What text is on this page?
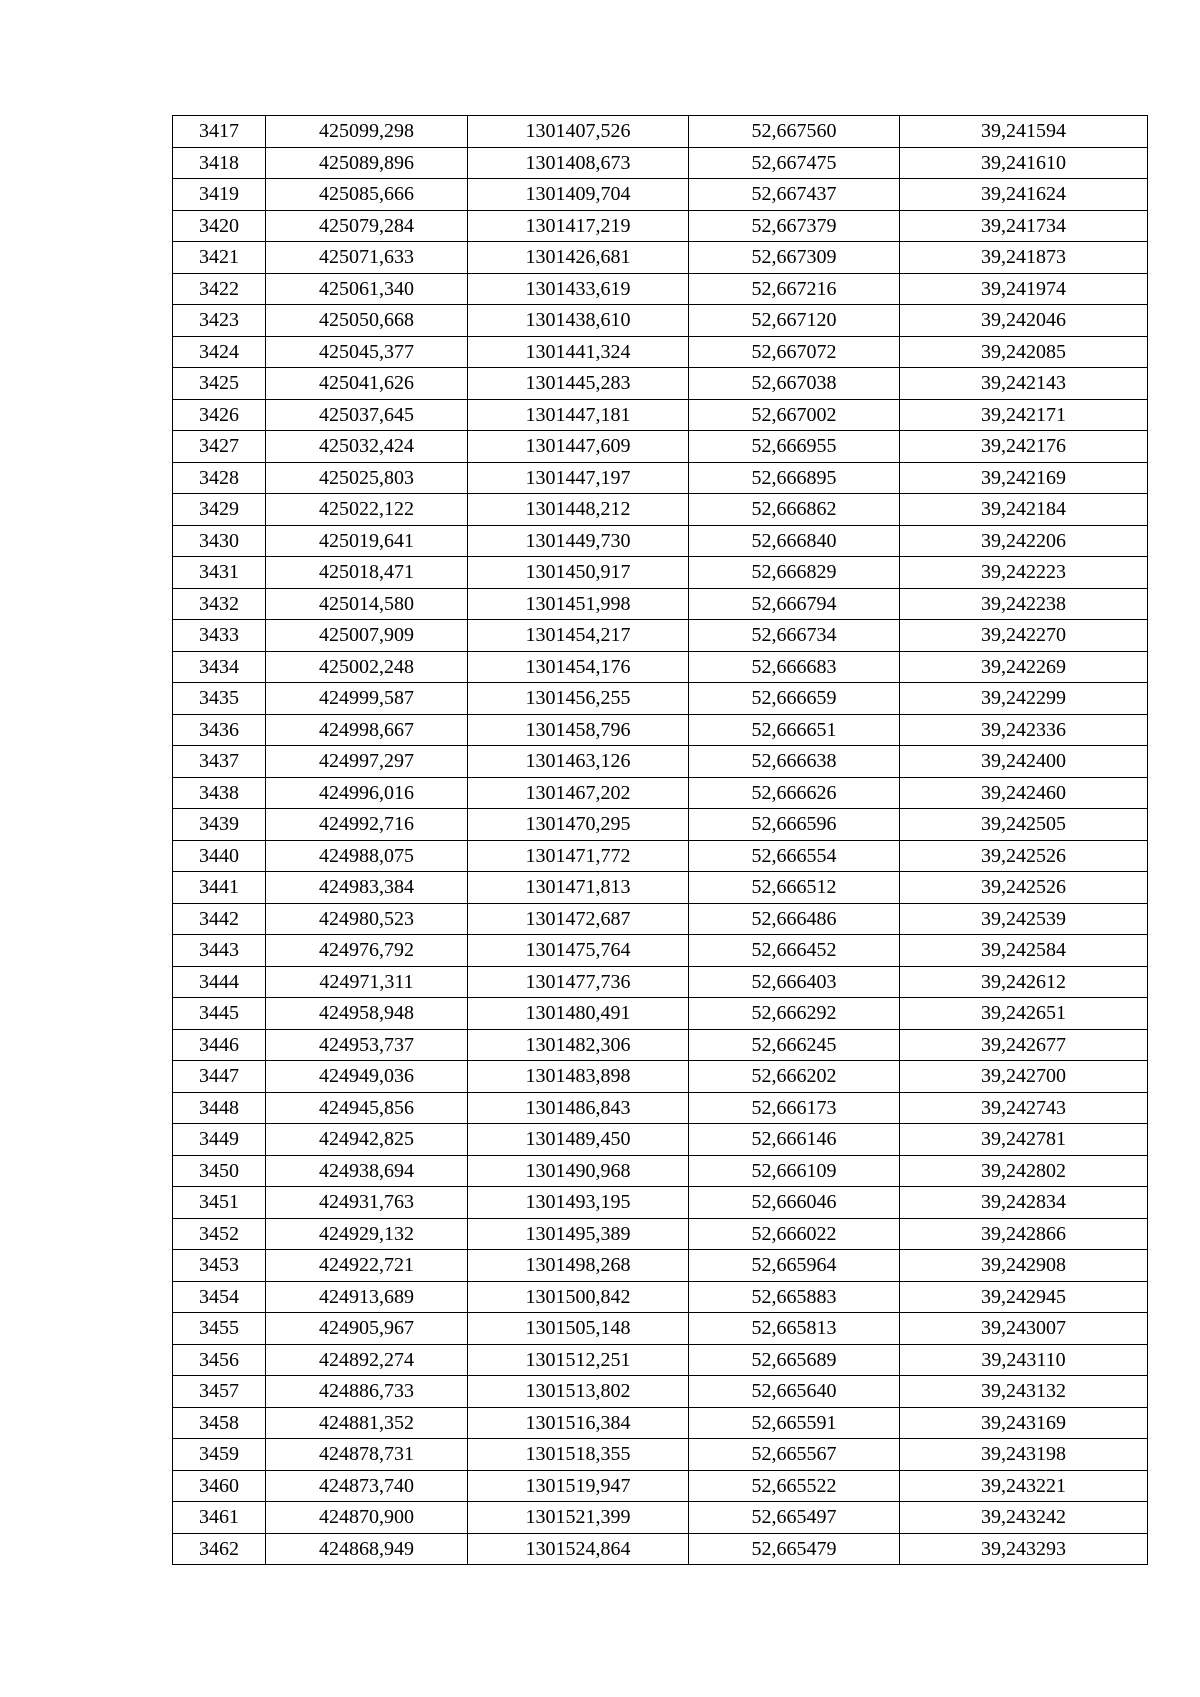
3417	425099,298	1301407,526	52,667560	39,241594
3418	425089,896	1301408,673	52,667475	39,241610
3419	425085,666	1301409,704	52,667437	39,241624
3420	425079,284	1301417,219	52,667379	39,241734
3421	425071,633	1301426,681	52,667309	39,241873
3422	425061,340	1301433,619	52,667216	39,241974
3423	425050,668	1301438,610	52,667120	39,242046
3424	425045,377	1301441,324	52,667072	39,242085
3425	425041,626	1301445,283	52,667038	39,242143
3426	425037,645	1301447,181	52,667002	39,242171
3427	425032,424	1301447,609	52,666955	39,242176
3428	425025,803	1301447,197	52,666895	39,242169
3429	425022,122	1301448,212	52,666862	39,242184
3430	425019,641	1301449,730	52,666840	39,242206
3431	425018,471	1301450,917	52,666829	39,242223
3432	425014,580	1301451,998	52,666794	39,242238
3433	425007,909	1301454,217	52,666734	39,242270
3434	425002,248	1301454,176	52,666683	39,242269
3435	424999,587	1301456,255	52,666659	39,242299
3436	424998,667	1301458,796	52,666651	39,242336
3437	424997,297	1301463,126	52,666638	39,242400
3438	424996,016	1301467,202	52,666626	39,242460
3439	424992,716	1301470,295	52,666596	39,242505
3440	424988,075	1301471,772	52,666554	39,242526
3441	424983,384	1301471,813	52,666512	39,242526
3442	424980,523	1301472,687	52,666486	39,242539
3443	424976,792	1301475,764	52,666452	39,242584
3444	424971,311	1301477,736	52,666403	39,242612
3445	424958,948	1301480,491	52,666292	39,242651
3446	424953,737	1301482,306	52,666245	39,242677
3447	424949,036	1301483,898	52,666202	39,242700
3448	424945,856	1301486,843	52,666173	39,242743
3449	424942,825	1301489,450	52,666146	39,242781
3450	424938,694	1301490,968	52,666109	39,242802
3451	424931,763	1301493,195	52,666046	39,242834
3452	424929,132	1301495,389	52,666022	39,242866
3453	424922,721	1301498,268	52,665964	39,242908
3454	424913,689	1301500,842	52,665883	39,242945
3455	424905,967	1301505,148	52,665813	39,243007
3456	424892,274	1301512,251	52,665689	39,243110
3457	424886,733	1301513,802	52,665640	39,243132
3458	424881,352	1301516,384	52,665591	39,243169
3459	424878,731	1301518,355	52,665567	39,243198
3460	424873,740	1301519,947	52,665522	39,243221
3461	424870,900	1301521,399	52,665497	39,243242
3462	424868,949	1301524,864	52,665479	39,243293
